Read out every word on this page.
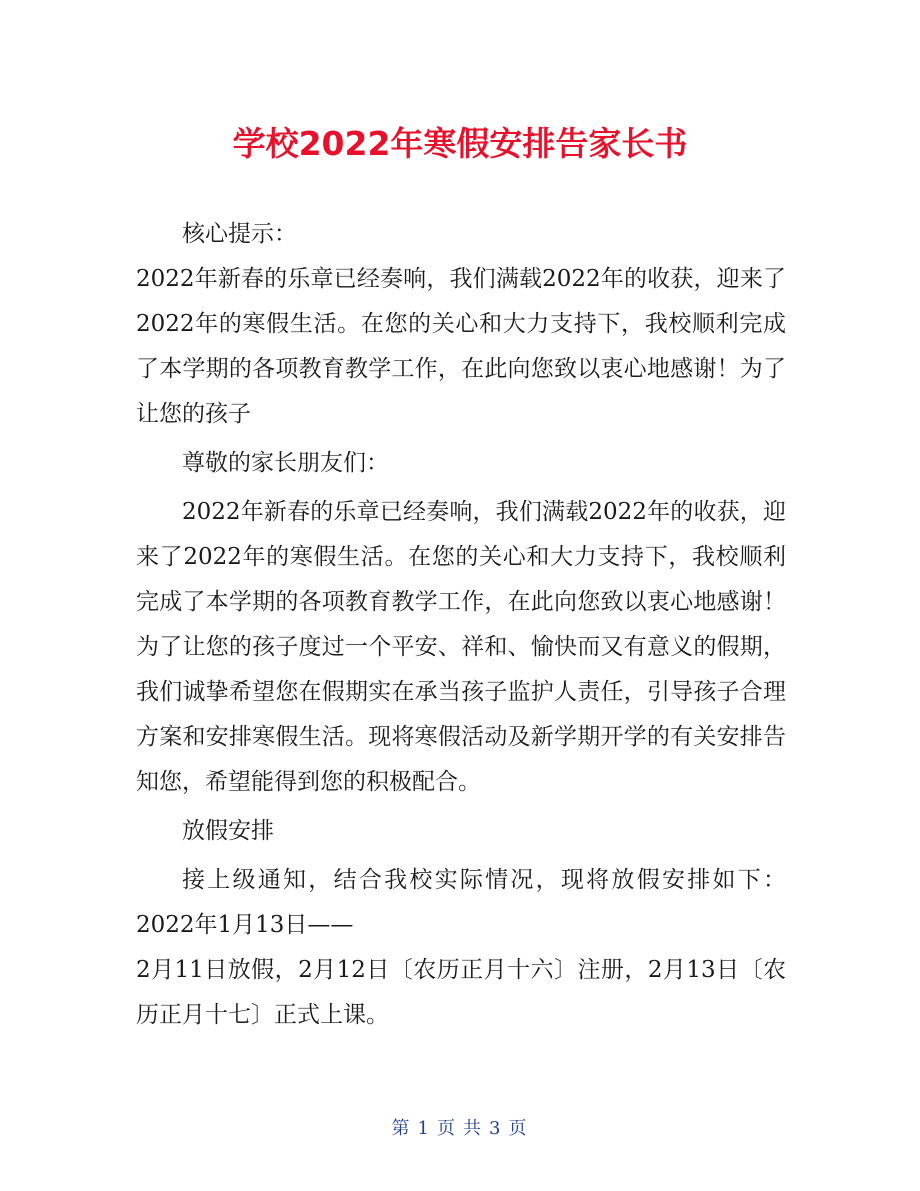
学校2022年寒假安排告家长书

核心提示：

2022年新春的乐章已经奏响，我们满载2022年的收获，迎来了2022年的寒假生活。在您的关心和大力支持下，我校顺利完成了本学期的各项教育教学工作，在此向您致以衷心地感谢！为了让您的孩子

尊敬的家长朋友们：

2022年新春的乐章已经奏响，我们满载2022年的收获，迎来了2022年的寒假生活。在您的关心和大力支持下，我校顺利完成了本学期的各项教育教学工作，在此向您致以衷心地感谢！为了让您的孩子度过一个平安、祥和、愉快而又有意义的假期，我们诚挚希望您在假期实在承当孩子监护人责任，引导孩子合理方案和安排寒假生活。现将寒假活动及新学期开学的有关安排告知您，希望能得到您的积极配合。

放假安排

接上级通知，结合我校实际情况，现将放假安排如下：2022年1月13日——

2月11日放假，2月12日〔农历正月十六〕注册，2月13日〔农历正月十七〕正式上课。

第 1 页 共 3 页
